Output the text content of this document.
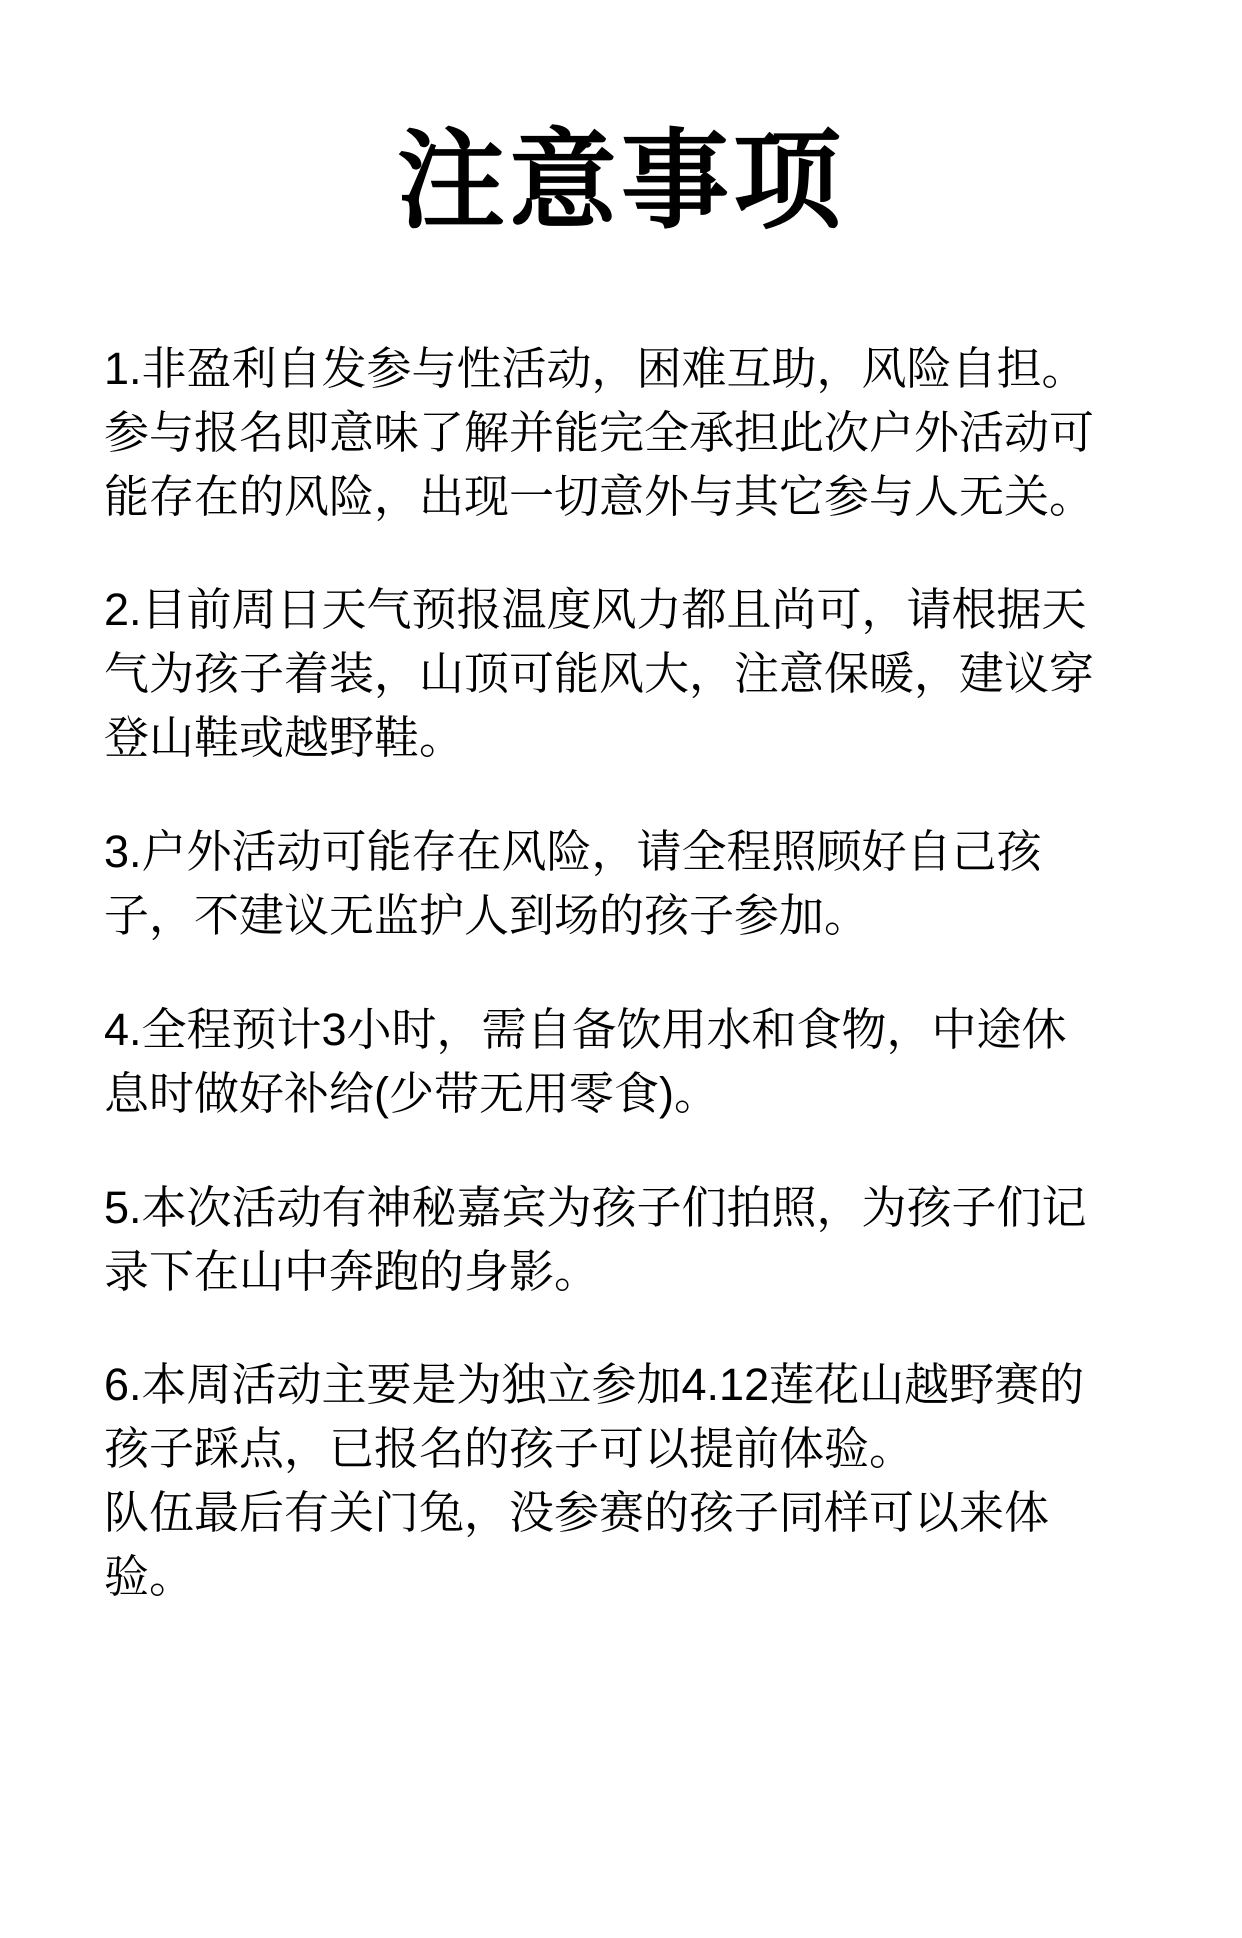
注意事项

1.非盈利自发参与性活动，困难互助，风险自担。
参与报名即意味了解并能完全承担此次户外活动可
能存在的风险，出现一切意外与其它参与人无关。

2.目前周日天气预报温度风力都且尚可，请根据天
气为孩子着装，山顶可能风大，注意保暖，建议穿
登山鞋或越野鞋。

3.户外活动可能存在风险，请全程照顾好自己孩
子，不建议无监护人到场的孩子参加。

4.全程预计3小时，需自备饮用水和食物，中途休
息时做好补给(少带无用零食)。

5.本次活动有神秘嘉宾为孩子们拍照，为孩子们记
录下在山中奔跑的身影。

6.本周活动主要是为独立参加4.12莲花山越野赛的
孩子踩点，已报名的孩子可以提前体验。
队伍最后有关门兔，没参赛的孩子同样可以来体
验。
